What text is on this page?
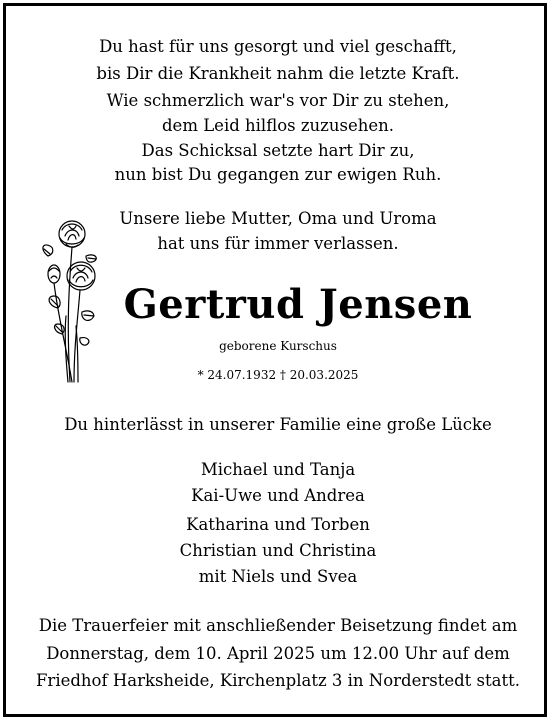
Du hast für uns gesorgt und viel geschafft,
bis Dir die Krankheit nahm die letzte Kraft.
Wie schmerzlich war's vor Dir zu stehen,
dem Leid hilflos zuzusehen.
Das Schicksal setzte hart Dir zu,
nun bist Du gegangen zur ewigen Ruh.
Unsere liebe Mutter, Oma und Uroma
hat uns für immer verlassen.
Gertrud Jensen
geborene Kurschus
* 24.07.1932 † 20.03.2025
Du hinterlässt in unserer Familie eine große Lücke
Michael und Tanja
Kai-Uwe und Andrea
Katharina und Torben
Christian und Christina
mit Niels und Svea
Die Trauerfeier mit anschließender Beisetzung findet am
Donnerstag, dem 10. April 2025 um 12.00 Uhr auf dem
Friedhof Harksheide, Kirchenplatz 3 in Norderstedt statt.
